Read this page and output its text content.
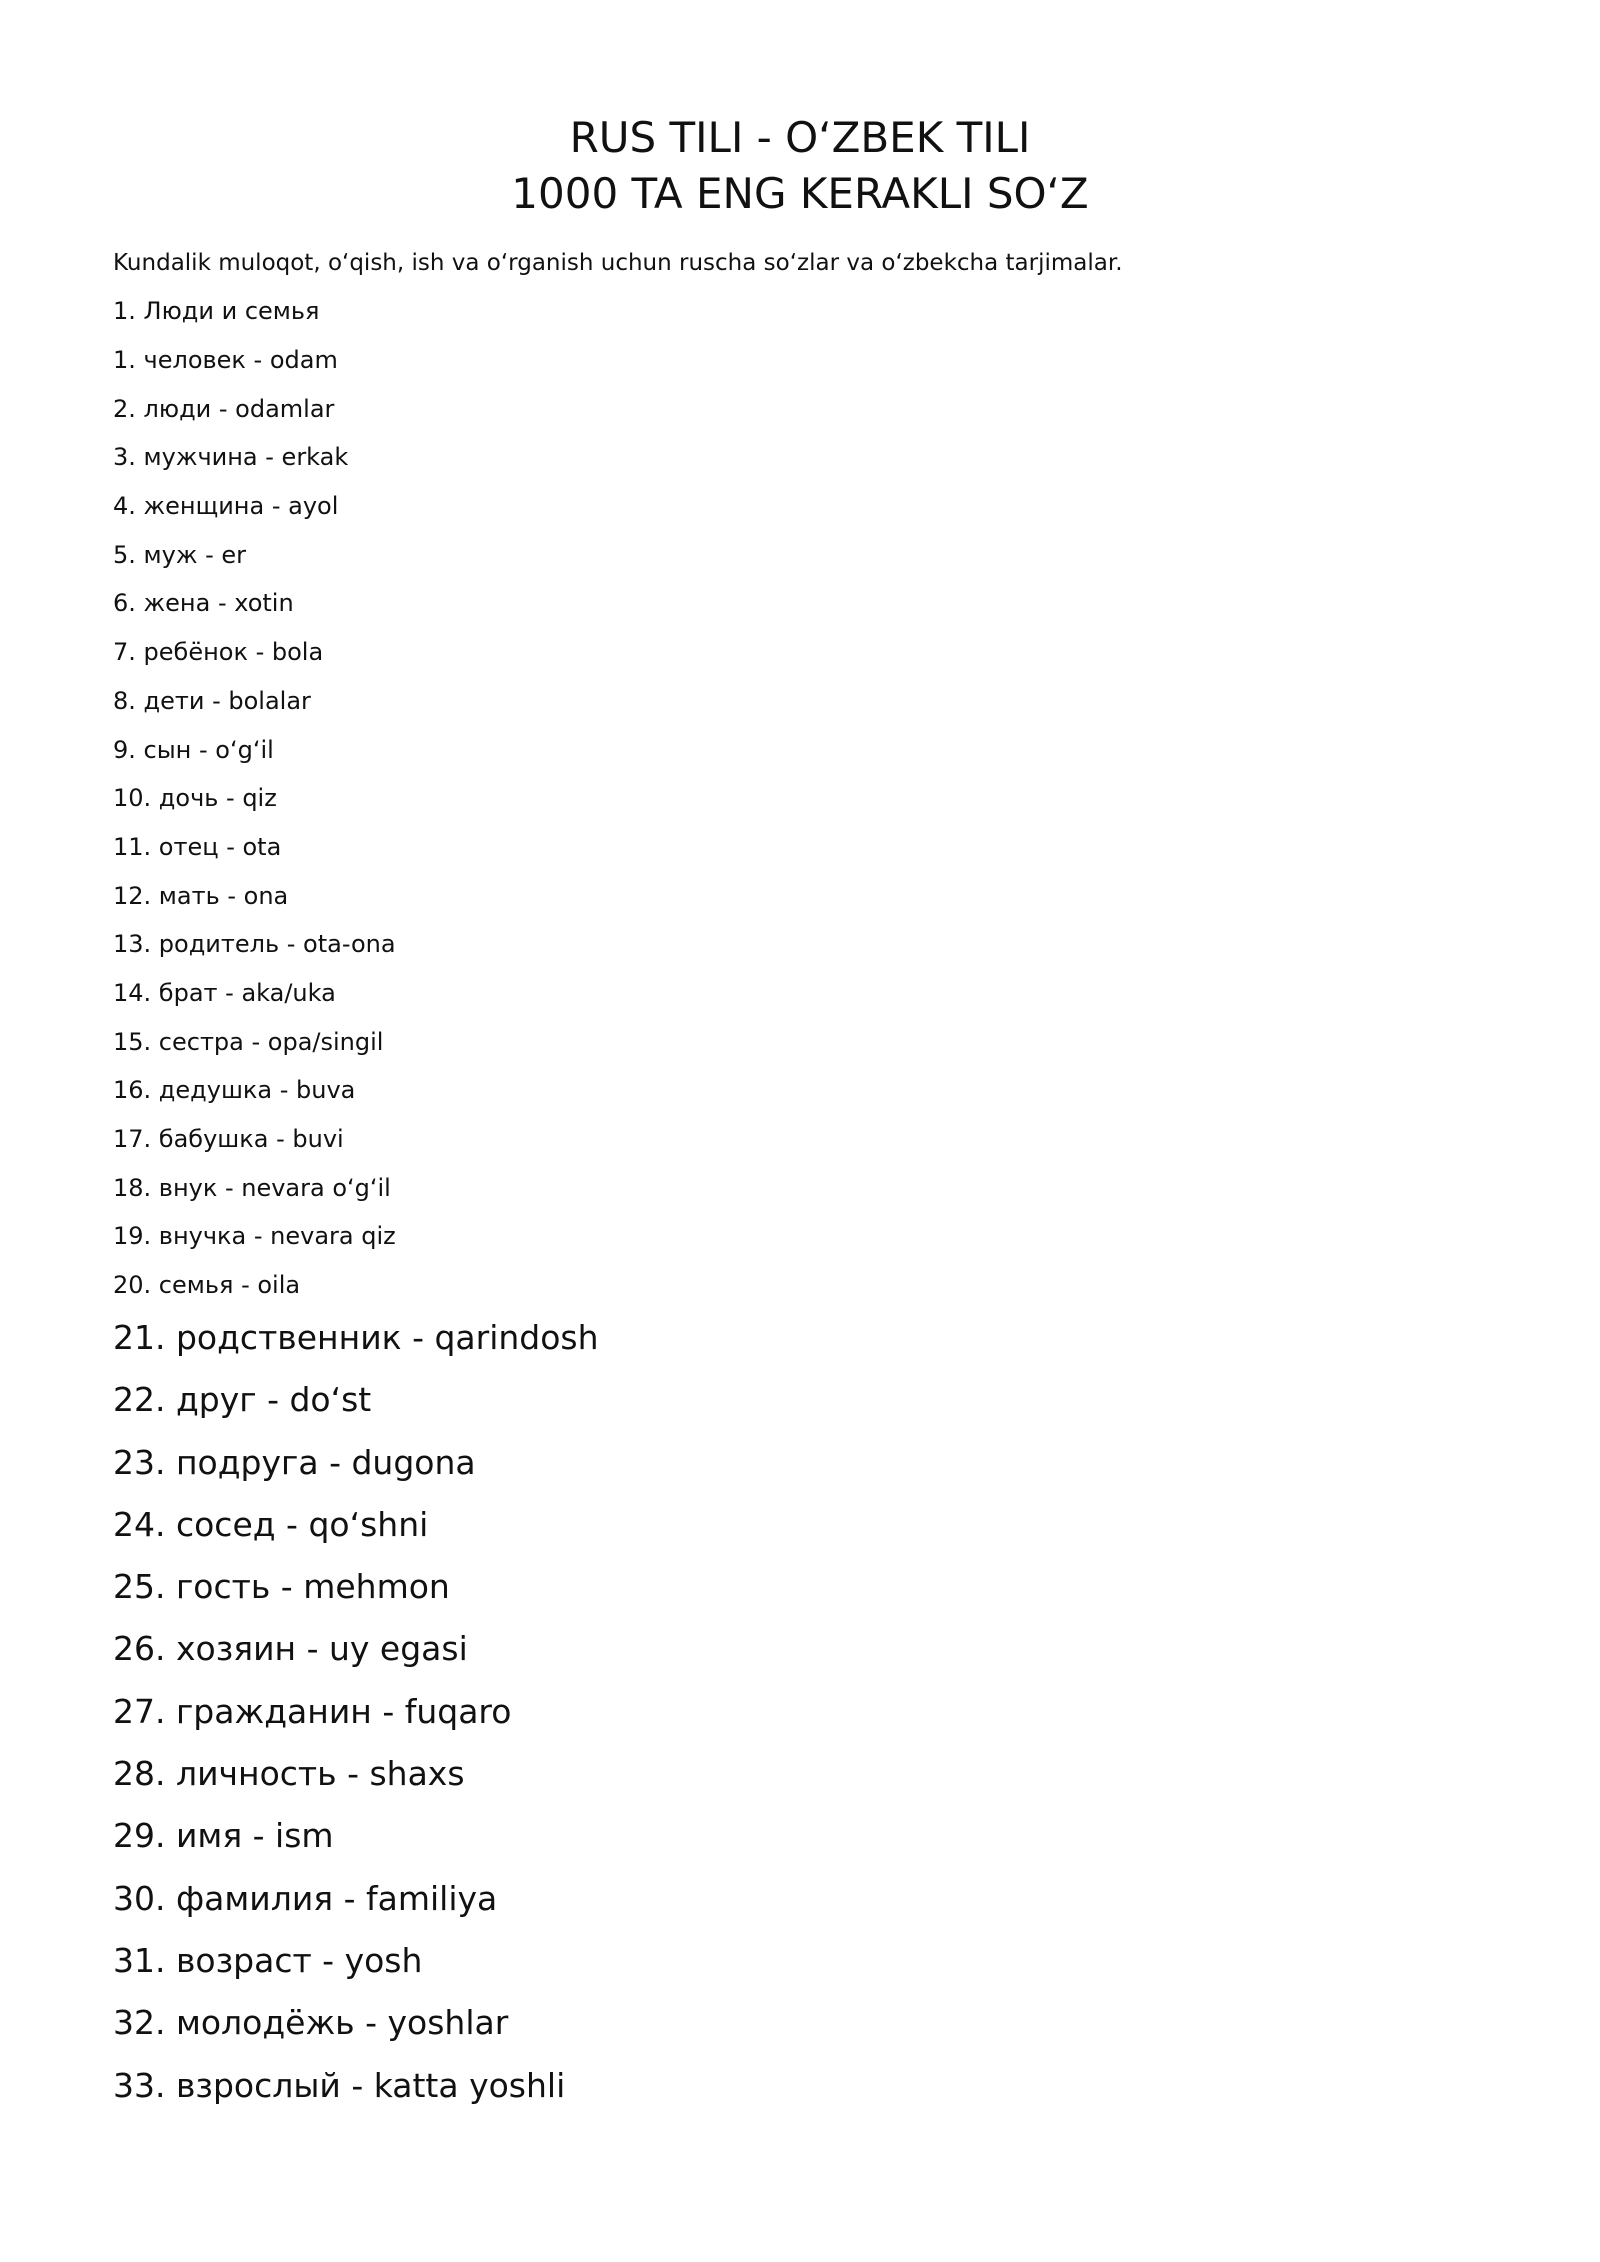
RUS TILI - O‘ZBEK TILI
1000 TA ENG KERAKLI SO‘Z

Kundalik muloqot, o‘qish, ish va o‘rganish uchun ruscha so‘zlar va o‘zbekcha tarjimalar.

1. Люди и семья

1. человек - odam
2. люди - odamlar
3. мужчина - erkak
4. женщина - ayol
5. муж - er
6. жена - xotin
7. ребёнок - bola
8. дети - bolalar
9. сын - o‘g‘il
10. дочь - qiz
11. отец - ota
12. мать - ona
13. родитель - ota-ona
14. брат - aka/uka
15. сестра - opa/singil
16. дедушка - buva
17. бабушка - buvi
18. внук - nevara o‘g‘il
19. внучка - nevara qiz
20. семья - oila
21. родственник - qarindosh
22. друг - do‘st
23. подруга - dugona
24. сосед - qo‘shni
25. гость - mehmon
26. хозяин - uy egasi
27. гражданин - fuqaro
28. личность - shaxs
29. имя - ism
30. фамилия - familiya
31. возраст - yosh
32. молодёжь - yoshlar
33. взрослый - katta yoshli
